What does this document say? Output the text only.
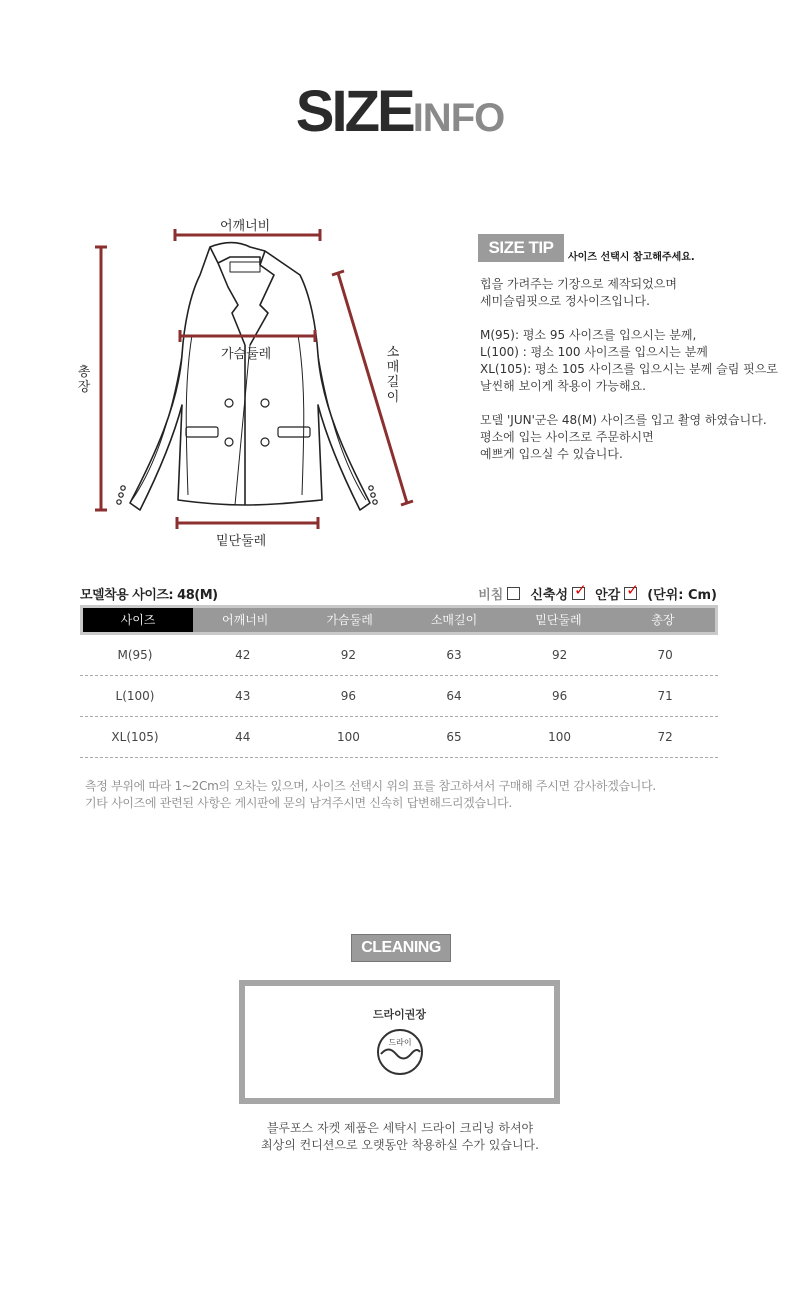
SIZEINFO
어깨너비
가슴둘레
밑단둘레
총
장
소
매
길
이
SIZE TIP
사이즈 선택시 참고해주세요.
힙을 가려주는 기장으로 제작되었으며
세미슬림핏으로 정사이즈입니다.
M(95): 평소 95 사이즈를 입으시는 분께,
L(100) : 평소 100 사이즈를 입으시는 분께
XL(105): 평소 105 사이즈를 입으시는 분께 슬림 핏으로
날씬해 보이게 착용이 가능해요.
모델 'JUN'군은 48(M) 사이즈를 입고 촬영 하였습니다.
평소에 입는 사이즈로 주문하시면
예쁘게 입으실 수 있습니다.
모델착용 사이즈: 48(M)	비침 신축성 ✓ 안감 ✓ (단위: Cm)
사이즈	어깨너비	가슴둘레	소매길이	밑단둘레	총장
M(95)	42	92	63	92	70
L(100)	43	96	64	96	71
XL(105)	44	100	65	100	72
측정 부위에 따라 1~2Cm의 오차는 있으며, 사이즈 선택시 위의 표를 참고하셔서 구매해 주시면 감사하겠습니다.
기타 사이즈에 관련된 사항은 게시판에 문의 남겨주시면 신속히 답변해드리겠습니다.
CLEANING
드라이권장
드라이
블루포스 자켓 제품은 세탁시 드라이 크리닝 하셔야
최상의 컨디션으로 오랫동안 착용하실 수가 있습니다.
